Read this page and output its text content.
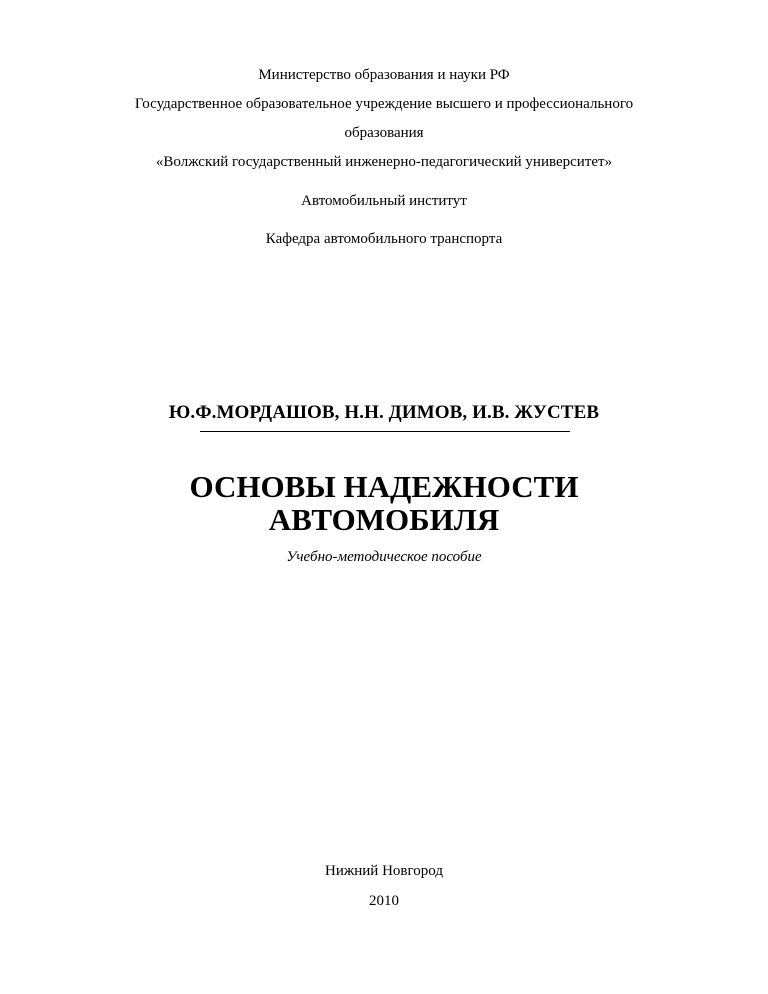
Министерство образования и науки РФ
Государственное образовательное учреждение высшего и профессионального
образования
«Волжский государственный инженерно-педагогический университет»
Автомобильный институт
Кафедра автомобильного транспорта
Ю.Ф.МОРДАШОВ, Н.Н. ДИМОВ, И.В. ЖУСТЕВ
ОСНОВЫ НАДЕЖНОСТИ
АВТОМОБИЛЯ
Учебно-методическое пособие
Нижний Новгород
2010
